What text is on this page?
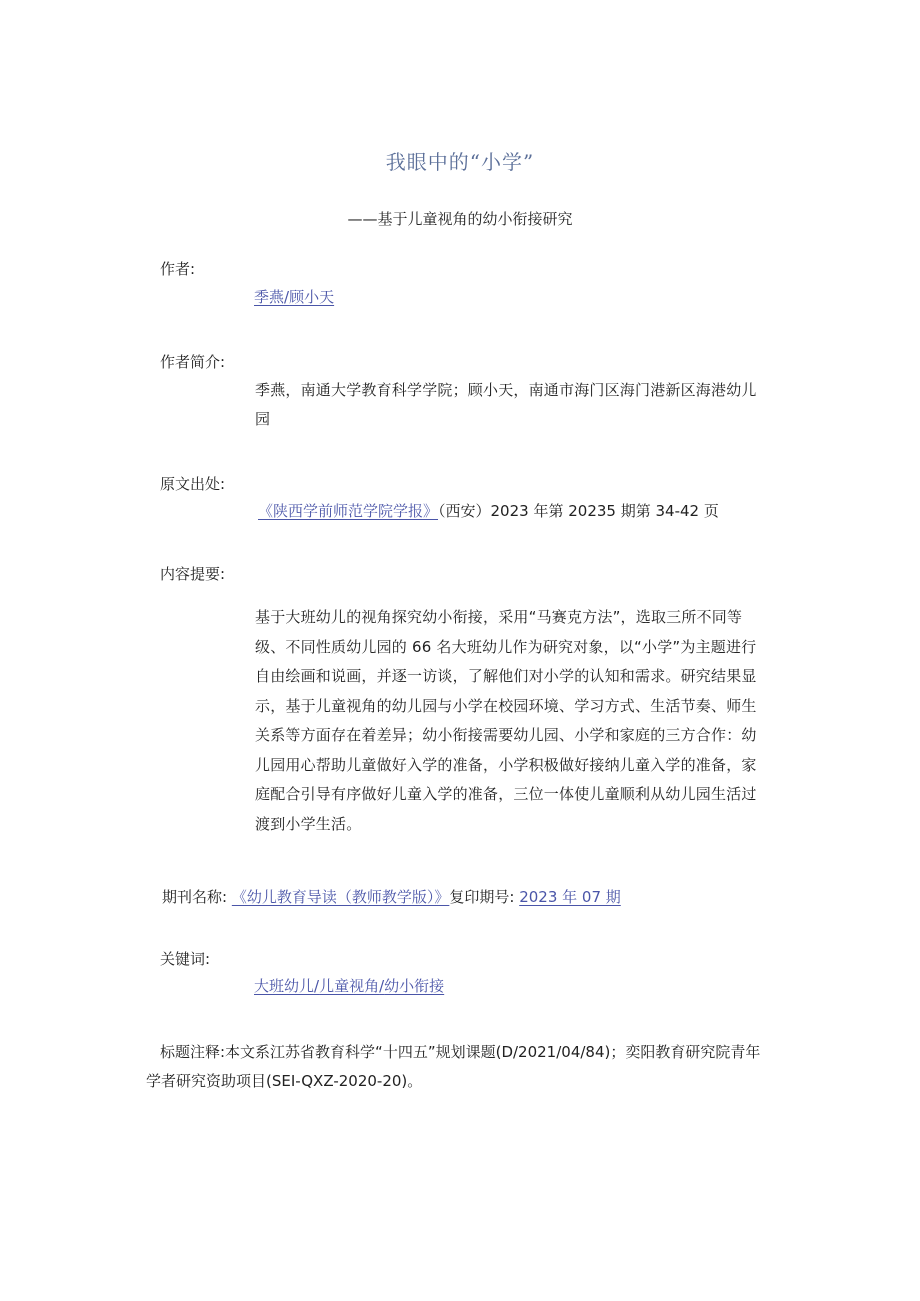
我眼中的“小学”
——基于儿童视角的幼小衔接研究
作者:
季燕/顾小天
作者简介:
季燕，南通大学教育科学学院；顾小天，南通市海门区海门港新区海港幼儿园
原文出处:
《陕西学前师范学院学报》（西安）2023 年第 20235 期第 34-42 页
内容提要:
基于大班幼儿的视角探究幼小衔接，采用“马赛克方法”，选取三所不同等级、不同性质幼儿园的 66 名大班幼儿作为研究对象，以“小学”为主题进行自由绘画和说画，并逐一访谈，了解他们对小学的认知和需求。研究结果显示，基于儿童视角的幼儿园与小学在校园环境、学习方式、生活节奏、师生关系等方面存在着差异；幼小衔接需要幼儿园、小学和家庭的三方合作：幼儿园用心帮助儿童做好入学的准备，小学积极做好接纳儿童入学的准备，家庭配合引导有序做好儿童入学的准备，三位一体使儿童顺利从幼儿园生活过渡到小学生活。
期刊名称: 《幼儿教育导读（教师教学版）》复印期号: 2023 年 07 期
关键词:
大班幼儿/儿童视角/幼小衔接
标题注释:本文系江苏省教育科学“十四五”规划课题(D/2021/04/84)；奕阳教育研究院青年学者研究资助项目(SEI-QXZ-2020-20)。
